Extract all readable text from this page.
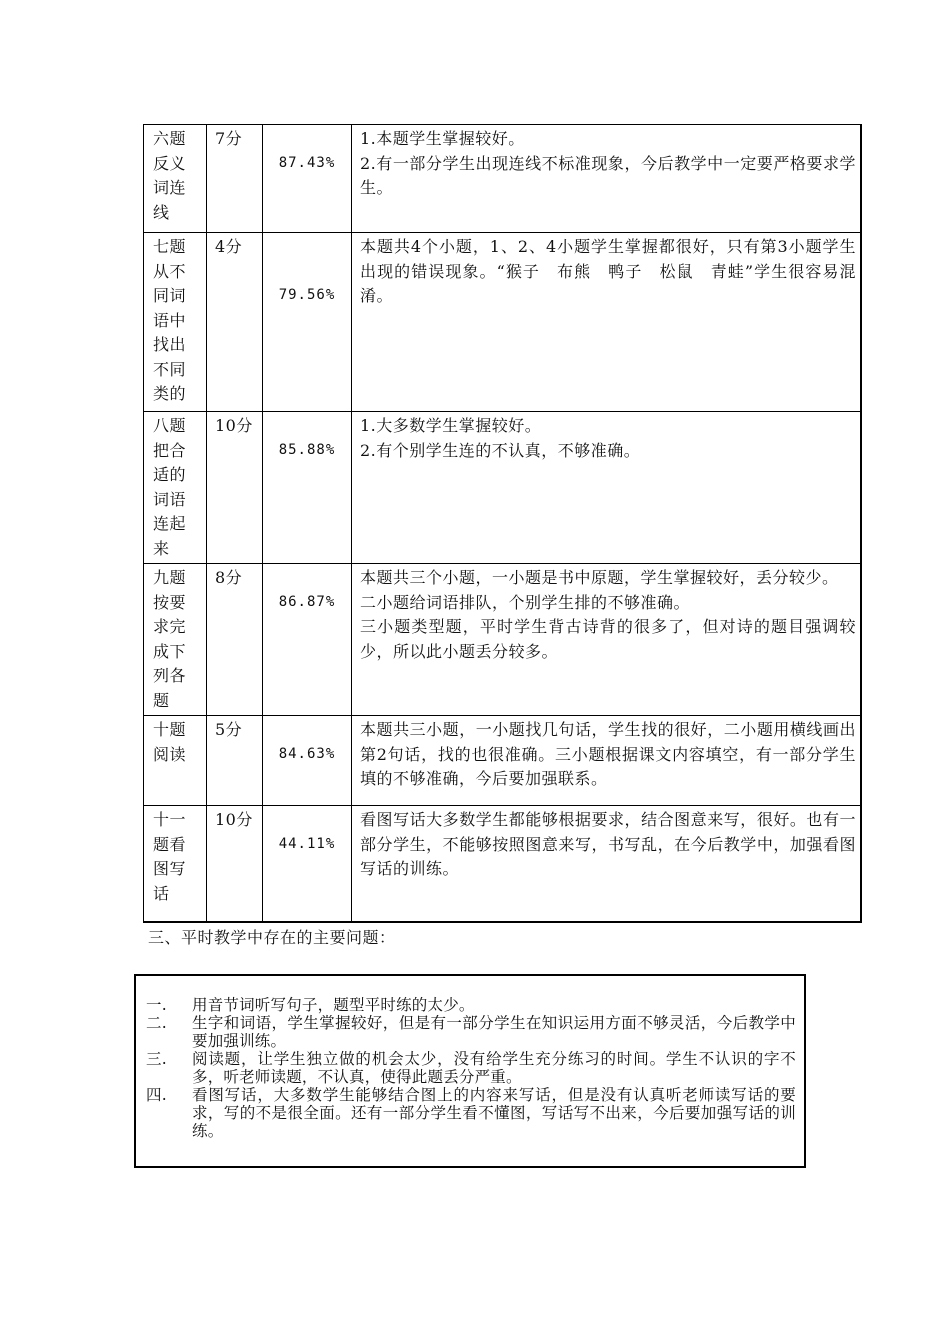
六题反义词连线	7分	87.43%	1.本题学生掌握较好。
2.有一部分学生出现连线不标准现象，今后教学中一定要严格要求学生。

七题从不同词语中找出不同类的	4分	79.56%	本题共4个小题，1、2、4小题学生掌握都很好，只有第3小题学生出现的错误现象。“猴子　布熊　鸭子　松鼠　青蛙”学生很容易混淆。

八题把合适的词语连起来	10分	85.88%	1.大多数学生掌握较好。
2.有个别学生连的不认真，不够准确。

九题按要求完成下列各题	8分	86.87%	本题共三个小题，一小题是书中原题，学生掌握较好，丢分较少。
二小题给词语排队，个别学生排的不够准确。
三小题类型题，平时学生背古诗背的很多了，但对诗的题目强调较少，所以此小题丢分较多。

十题阅读	5分	84.63%	本题共三小题，一小题找几句话，学生找的很好，二小题用横线画出第2句话，找的也很准确。三小题根据课文内容填空，有一部分学生填的不够准确，今后要加强联系。

十一题看图写话	10分	44.11%	看图写话大多数学生都能够根据要求，结合图意来写，很好。也有一部分学生，不能够按照图意来写，书写乱，在今后教学中，加强看图写话的训练。
三、平时教学中存在的主要问题：
一.	用音节词听写句子，题型平时练的太少。
二.	生字和词语，学生掌握较好，但是有一部分学生在知识运用方面不够灵活，今后教学中要加强训练。
三.	阅读题，让学生独立做的机会太少，没有给学生充分练习的时间。学生不认识的字不多，听老师读题，不认真，使得此题丢分严重。
四.	看图写话，大多数学生能够结合图上的内容来写话，但是没有认真听老师读写话的要求，写的不是很全面。还有一部分学生看不懂图，写话写不出来，今后要加强写话的训练。
